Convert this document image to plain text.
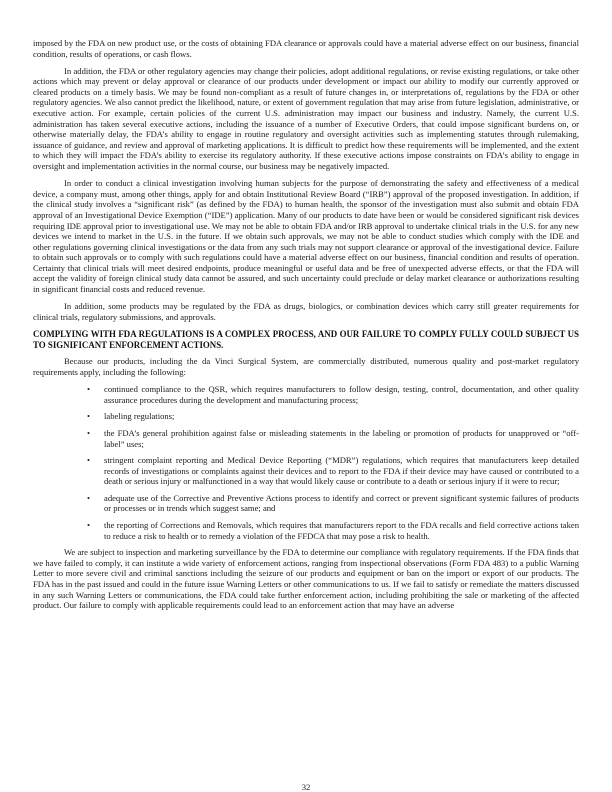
imposed by the FDA on new product use, or the costs of obtaining FDA clearance or approvals could have a material adverse effect on our business, financial condition, results of operations, or cash flows.

In addition, the FDA or other regulatory agencies may change their policies, adopt additional regulations, or revise existing regulations, or take other actions which may prevent or delay approval or clearance of our products under development or impact our ability to modify our currently approved or cleared products on a timely basis. We may be found non-compliant as a result of future changes in, or interpretations of, regulations by the FDA or other regulatory agencies. We also cannot predict the likelihood, nature, or extent of government regulation that may arise from future legislation, administrative, or executive action. For example, certain policies of the current U.S. administration may impact our business and industry. Namely, the current U.S. administration has taken several executive actions, including the issuance of a number of Executive Orders, that could impose significant burdens on, or otherwise materially delay, the FDA’s ability to engage in routine regulatory and oversight activities such as implementing statutes through rulemaking, issuance of guidance, and review and approval of marketing applications. It is difficult to predict how these requirements will be implemented, and the extent to which they will impact the FDA’s ability to exercise its regulatory authority. If these executive actions impose constraints on FDA’s ability to engage in oversight and implementation activities in the normal course, our business may be negatively impacted.

In order to conduct a clinical investigation involving human subjects for the purpose of demonstrating the safety and effectiveness of a medical device, a company must, among other things, apply for and obtain Institutional Review Board (“IRB”) approval of the proposed investigation. In addition, if the clinical study involves a “significant risk” (as defined by the FDA) to human health, the sponsor of the investigation must also submit and obtain FDA approval of an Investigational Device Exemption (“IDE”) application. Many of our products to date have been or would be considered significant risk devices requiring IDE approval prior to investigational use. We may not be able to obtain FDA and/or IRB approval to undertake clinical trials in the U.S. for any new devices we intend to market in the U.S. in the future. If we obtain such approvals, we may not be able to conduct studies which comply with the IDE and other regulations governing clinical investigations or the data from any such trials may not support clearance or approval of the investigational device. Failure to obtain such approvals or to comply with such regulations could have a material adverse effect on our business, financial condition and results of operation. Certainty that clinical trials will meet desired endpoints, produce meaningful or useful data and be free of unexpected adverse effects, or that the FDA will accept the validity of foreign clinical study data cannot be assured, and such uncertainty could preclude or delay market clearance or authorizations resulting in significant financial costs and reduced revenue.

In addition, some products may be regulated by the FDA as drugs, biologics, or combination devices which carry still greater requirements for clinical trials, regulatory submissions, and approvals.

COMPLYING WITH FDA REGULATIONS IS A COMPLEX PROCESS, AND OUR FAILURE TO COMPLY FULLY COULD SUBJECT US TO SIGNIFICANT ENFORCEMENT ACTIONS.

Because our products, including the da Vinci Surgical System, are commercially distributed, numerous quality and post-market regulatory requirements apply, including the following:

• continued compliance to the QSR, which requires manufacturers to follow design, testing, control, documentation, and other quality assurance procedures during the development and manufacturing process;
• labeling regulations;
• the FDA’s general prohibition against false or misleading statements in the labeling or promotion of products for unapproved or “off-label” uses;
• stringent complaint reporting and Medical Device Reporting (“MDR”) regulations, which requires that manufacturers keep detailed records of investigations or complaints against their devices and to report to the FDA if their device may have caused or contributed to a death or serious injury or malfunctioned in a way that would likely cause or contribute to a death or serious injury if it were to recur;
• adequate use of the Corrective and Preventive Actions process to identify and correct or prevent significant systemic failures of products or processes or in trends which suggest same; and
• the reporting of Corrections and Removals, which requires that manufacturers report to the FDA recalls and field corrective actions taken to reduce a risk to health or to remedy a violation of the FFDCA that may pose a risk to health.

We are subject to inspection and marketing surveillance by the FDA to determine our compliance with regulatory requirements. If the FDA finds that we have failed to comply, it can institute a wide variety of enforcement actions, ranging from inspectional observations (Form FDA 483) to a public Warning Letter to more severe civil and criminal sanctions including the seizure of our products and equipment or ban on the import or export of our products. The FDA has in the past issued and could in the future issue Warning Letters or other communications to us. If we fail to satisfy or remediate the matters discussed in any such Warning Letters or communications, the FDA could take further enforcement action, including prohibiting the sale or marketing of the affected product. Our failure to comply with applicable requirements could lead to an enforcement action that may have an adverse

32
